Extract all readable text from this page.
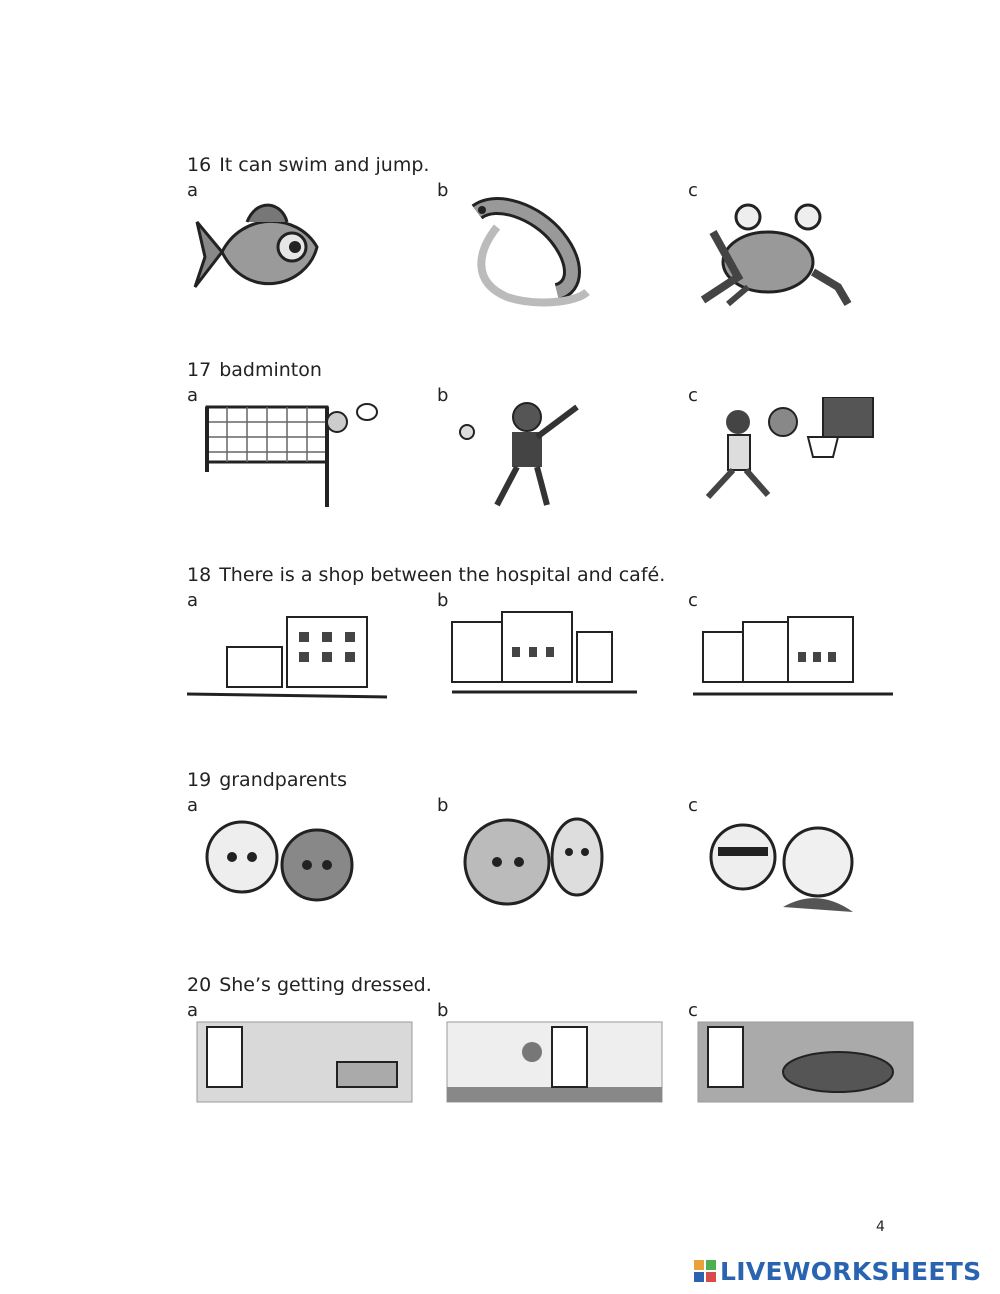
16 It can swim and jump.
a	b	c
17 badminton
a	b	c
18 There is a shop between the hospital and café.
a	b	c
19 grandparents
a	b	c
20 She’s getting dressed.
a	b	c
4
LIVEWORKSHEETS
